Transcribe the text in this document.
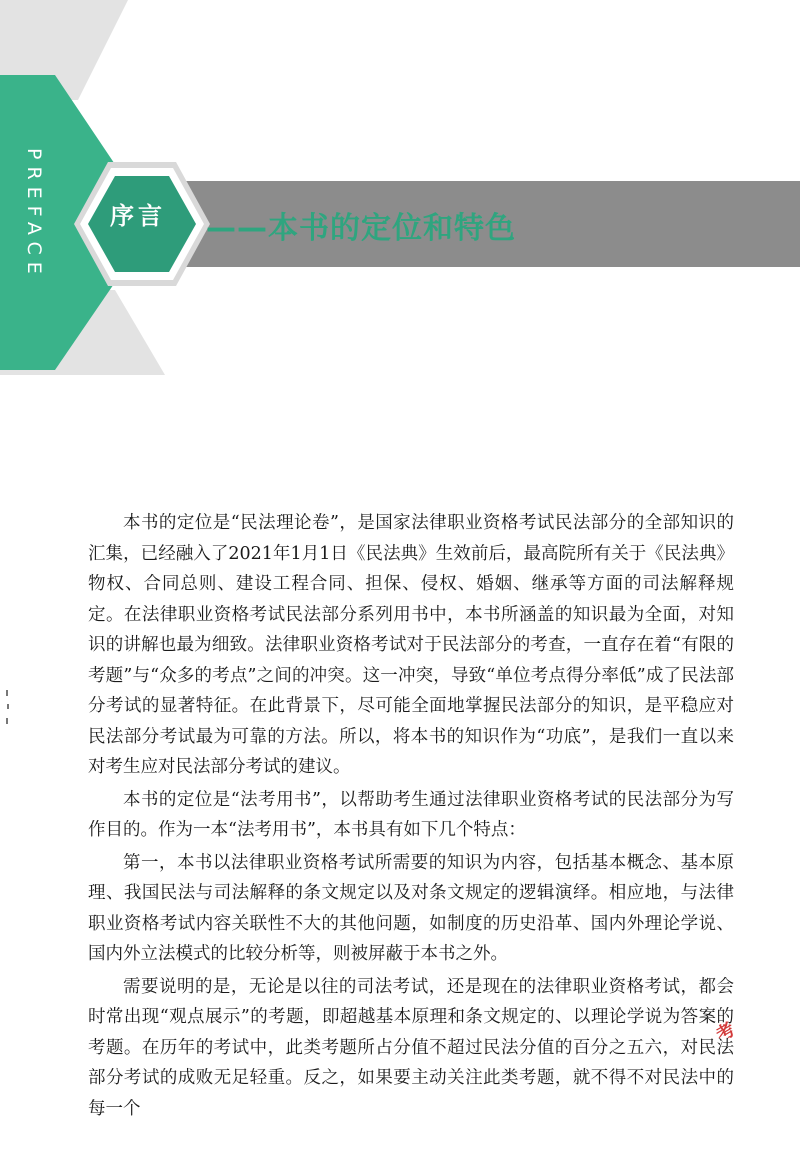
PREFACE	序言	——本书的定位和特色

本书的定位是“民法理论卷”，是国家法律职业资格考试民法部分的全部知识的汇集，已经融入了2021年1月1日《民法典》生效前后，最高院所有关于《民法典》物权、合同总则、建设工程合同、担保、侵权、婚姻、继承等方面的司法解释规定。在法律职业资格考试民法部分系列用书中，本书所涵盖的知识最为全面，对知识的讲解也最为细致。法律职业资格考试对于民法部分的考查，一直存在着“有限的考题”与“众多的考点”之间的冲突。这一冲突，导致“单位考点得分率低”成了民法部分考试的显著特征。在此背景下，尽可能全面地掌握民法部分的知识，是平稳应对民法部分考试最为可靠的方法。所以，将本书的知识作为“功底”，是我们一直以来对考生应对民法部分考试的建议。

本书的定位是“法考用书”，以帮助考生通过法律职业资格考试的民法部分为写作目的。作为一本“法考用书”，本书具有如下几个特点：

第一，本书以法律职业资格考试所需要的知识为内容，包括基本概念、基本原理、我国民法与司法解释的条文规定以及对条文规定的逻辑演绎。相应地，与法律职业资格考试内容关联性不大的其他问题，如制度的历史沿革、国内外理论学说、国内外立法模式的比较分析等，则被屏蔽于本书之外。

需要说明的是，无论是以往的司法考试，还是现在的法律职业资格考试，都会时常出现“观点展示”的考题，即超越基本原理和条文规定的、以理论学说为答案的考题。在历年的考试中，此类考题所占分值不超过民法分值的百分之五六，对民法部分考试的成败无足轻重。反之，如果要主动关注此类考题，就不得不对民法中的每一个

考
